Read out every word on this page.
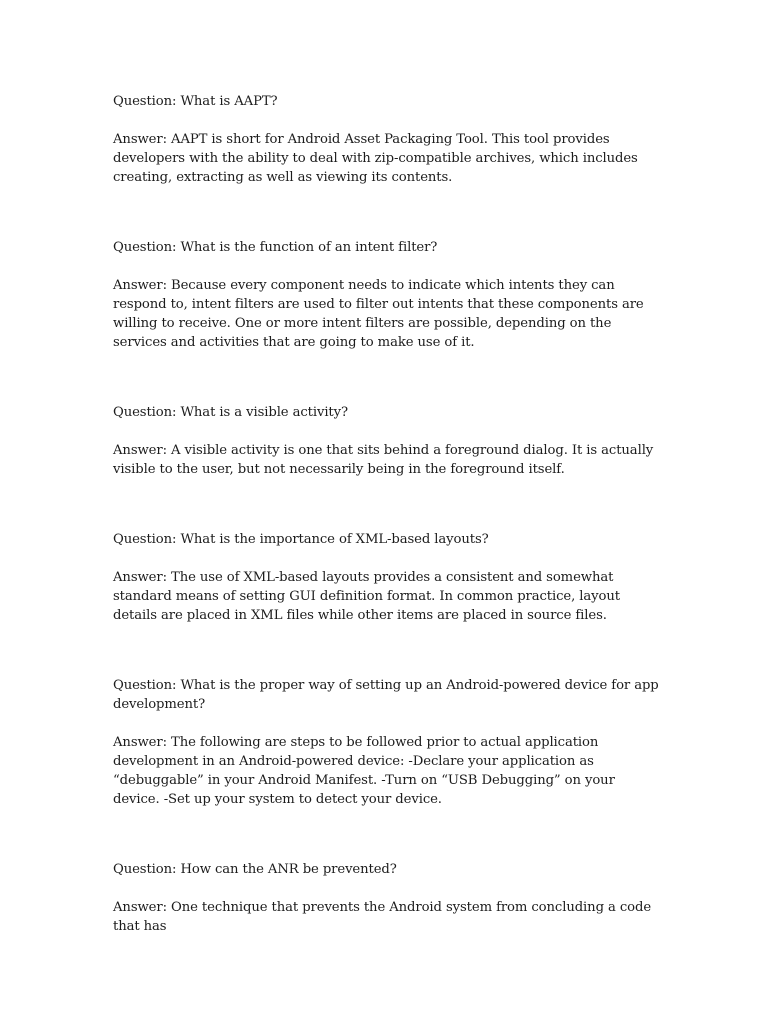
Question: What is AAPT?

Answer: AAPT is short for Android Asset Packaging Tool. This tool provides developers with the ability to deal with zip-compatible archives, which includes creating, extracting as well as viewing its contents.

Question: What is the function of an intent filter?

Answer: Because every component needs to indicate which intents they can respond to, intent filters are used to filter out intents that these components are willing to receive. One or more intent filters are possible, depending on the services and activities that are going to make use of it.

Question: What is a visible activity?

Answer: A visible activity is one that sits behind a foreground dialog. It is actually visible to the user, but not necessarily being in the foreground itself.

Question: What is the importance of XML-based layouts?

Answer: The use of XML-based layouts provides a consistent and somewhat standard means of setting GUI definition format. In common practice, layout details are placed in XML files while other items are placed in source files.

Question: What is the proper way of setting up an Android-powered device for app development?

Answer: The following are steps to be followed prior to actual application development in an Android-powered device: -Declare your application as “debuggable” in your Android Manifest. -Turn on “USB Debugging” on your device. -Set up your system to detect your device.

Question: How can the ANR be prevented?

Answer: One technique that prevents the Android system from concluding a code that has
